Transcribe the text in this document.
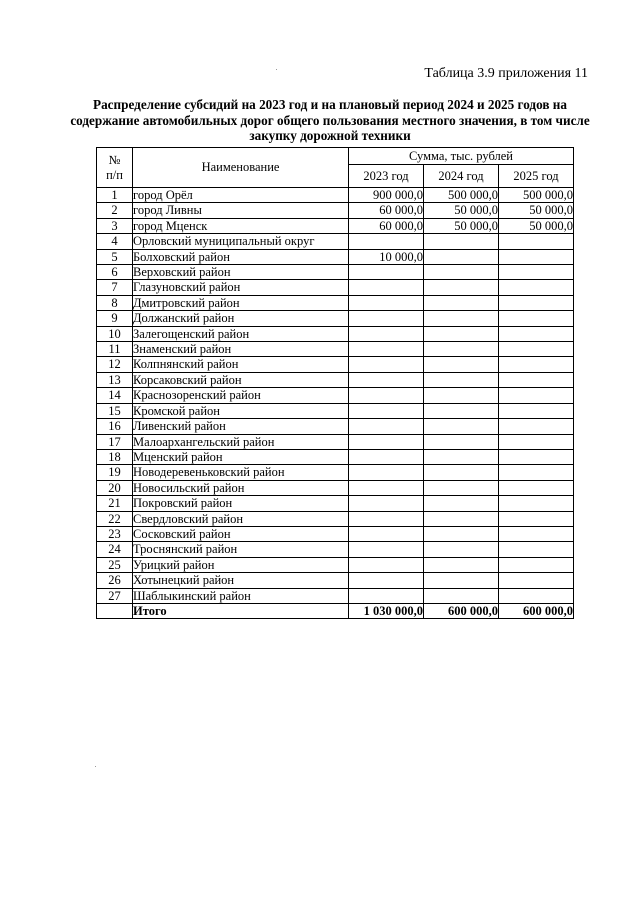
Таблица 3.9 приложения 11
Распределение субсидий на 2023 год и на плановый период 2024 и 2025 годов на содержание автомобильных дорог общего пользования местного значения, в том числе закупку дорожной техники
№
п/п	Наименование	Сумма, тыс. рублей		
		2023 год	2024 год	2025 год
1	город Орёл	900 000,0	500 000,0	500 000,0
2	город Ливны	60 000,0	50 000,0	50 000,0
3	город Мценск	60 000,0	50 000,0	50 000,0
4	Орловский муниципальный округ			
5	Болховский район	10 000,0		
6	Верховский район			
7	Глазуновский район			
8	Дмитровский район			
9	Должанский район			
10	Залегощенский район			
11	Знаменский район			
12	Колпнянский район			
13	Корсаковский район			
14	Краснозоренский район			
15	Кромской район			
16	Ливенский район			
17	Малоархангельский район			
18	Мценский район			
19	Новодеревеньковский район			
20	Новосильский район			
21	Покровский район			
22	Свердловский район			
23	Сосковский район			
24	Троснянский район			
25	Урицкий район			
26	Хотынецкий район			
27	Шаблыкинский район			
	Итого	1 030 000,0	600 000,0	600 000,0
